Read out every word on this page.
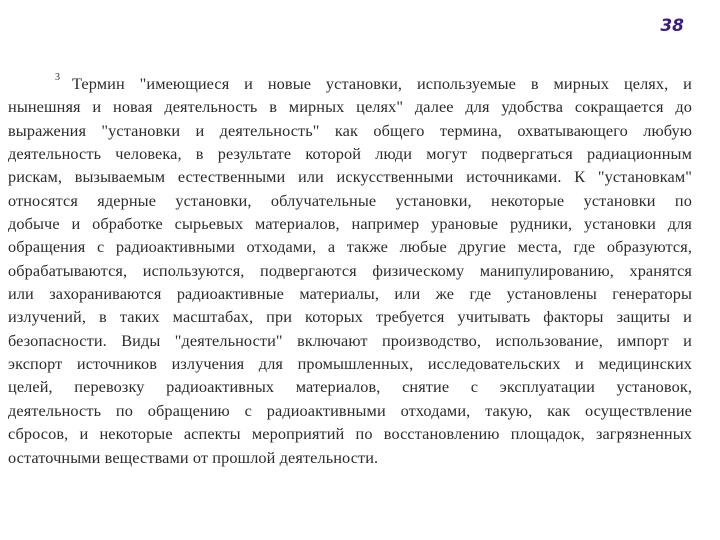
38
3 Термин "имеющиеся и новые установки, используемые в мирных целях, и
нынешняя и новая деятельность в мирных целях" далее для удобства сокращается до
выражения "установки и деятельность" как общего термина, охватывающего любую
деятельность человека, в результате которой люди могут подвергаться радиационным
рискам, вызываемым естественными или искусственными источниками. К "установкам"
относятся ядерные установки, облучательные установки, некоторые установки по
добыче и обработке сырьевых материалов, например урановые рудники, установки для
обращения с радиоактивными отходами, а также любые другие места, где образуются,
обрабатываются, используются, подвергаются физическому манипулированию, хранятся
или захораниваются радиоактивные материалы, или же где установлены генераторы
излучений, в таких масштабах, при которых требуется учитывать факторы защиты и
безопасности. Виды "деятельности" включают производство, использование, импорт и
экспорт источников излучения для промышленных, исследовательских и медицинских
целей, перевозку радиоактивных материалов, снятие с эксплуатации установок,
деятельность по обращению с радиоактивными отходами, такую, как осуществление
сбросов, и некоторые аспекты мероприятий по восстановлению площадок, загрязненных
остаточными веществами от прошлой деятельности.
